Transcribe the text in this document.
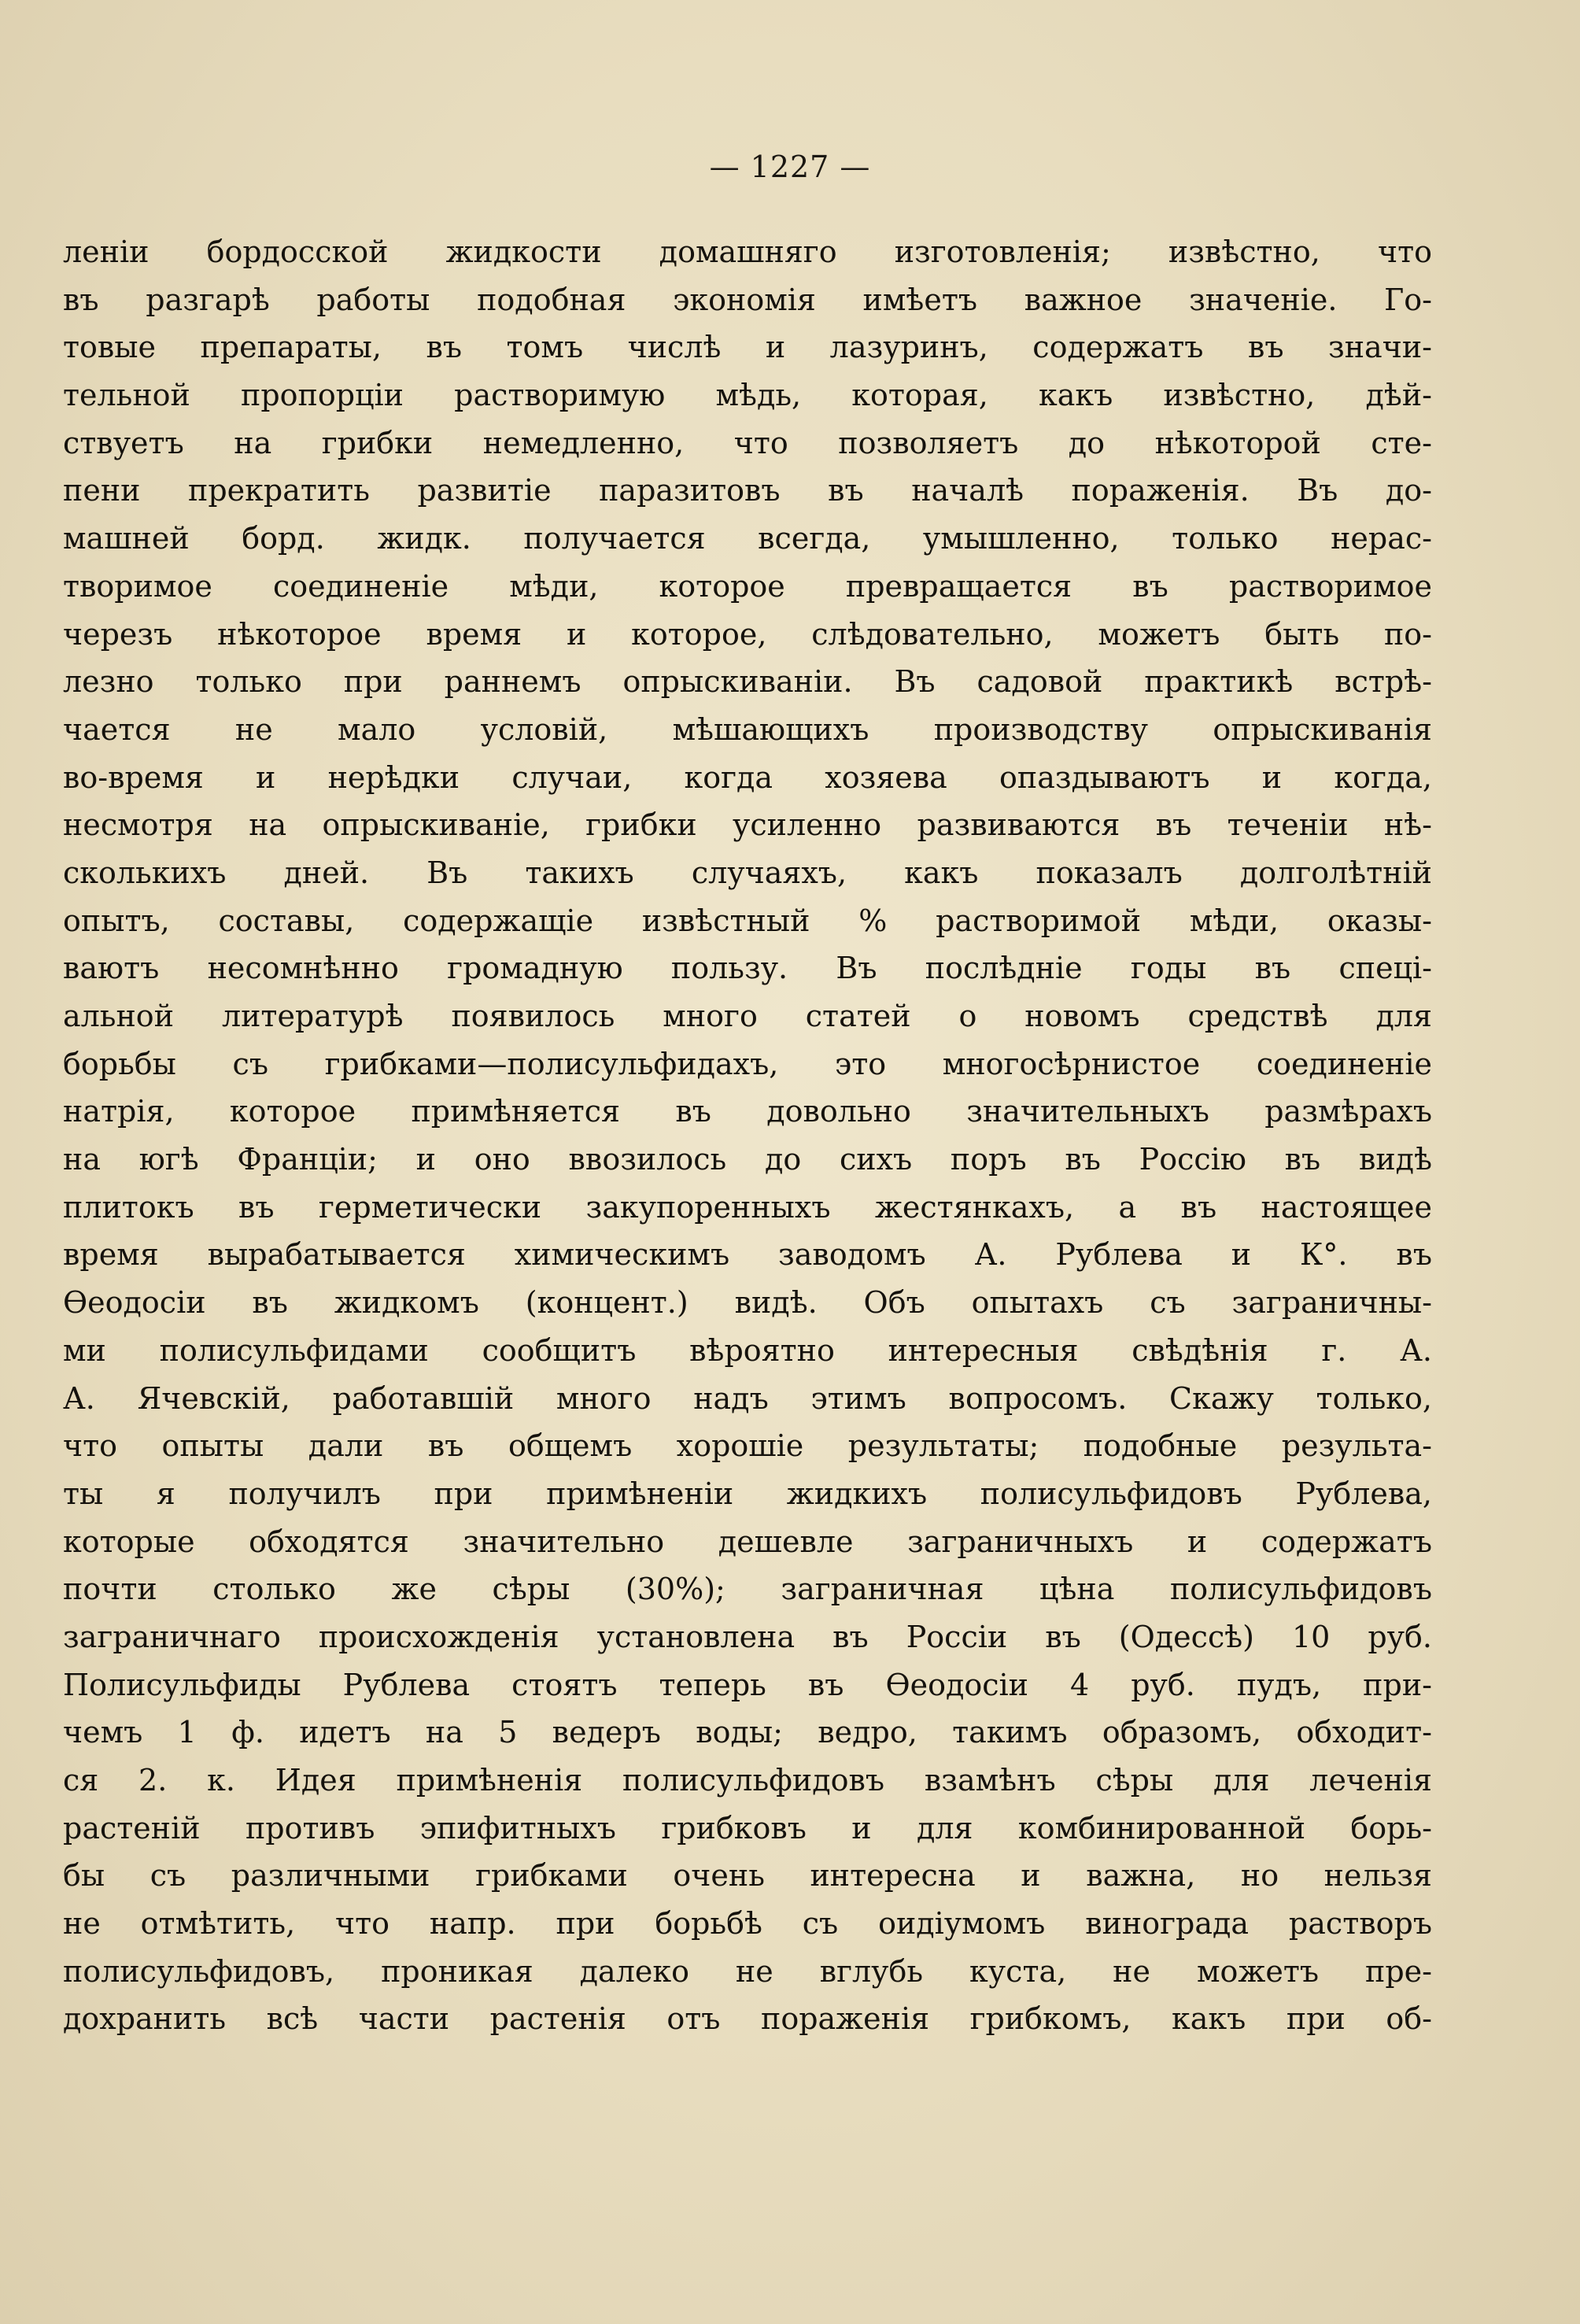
— 1227 —
леніи бордосской жидкости домашняго изготовленія; извѣстно, что
въ разгарѣ работы подобная экономія имѣетъ важное значеніе. Го-
товые препараты, въ томъ числѣ и лазуринъ, содержатъ въ значи-
тельной пропорціи растворимую мѣдь, которая, какъ извѣстно, дѣй-
ствуетъ на грибки немедленно, что позволяетъ до нѣкоторой сте-
пени прекратить развитіе паразитовъ въ началѣ пораженія. Въ до-
машней борд. жидк. получается всегда, умышленно, только нерас-
творимое соединеніе мѣди, которое превращается въ растворимое
черезъ нѣкоторое время и которое, слѣдовательно, можетъ быть по-
лезно только при раннемъ опрыскиваніи. Въ садовой практикѣ встрѣ-
чается не мало условій, мѣшающихъ производству опрыскиванія
во-время и нерѣдки случаи, когда хозяева опаздываютъ и когда,
несмотря на опрыскиваніе, грибки усиленно развиваются въ теченіи нѣ-
сколькихъ дней. Въ такихъ случаяхъ, какъ показалъ долголѣтній
опытъ, составы, содержащіе извѣстный % растворимой мѣди, оказы-
ваютъ несомнѣнно громадную пользу. Въ послѣдніе годы въ спеці-
альной литературѣ появилось много статей о новомъ средствѣ для
борьбы съ грибками—полисульфидахъ, это многосѣрнистое соединеніе
натрія, которое примѣняется въ довольно значительныхъ размѣрахъ
на югѣ Франціи; и оно ввозилось до сихъ поръ въ Россію въ видѣ
плитокъ въ герметически закупоренныхъ жестянкахъ, а въ настоящее
время вырабатывается химическимъ заводомъ А. Рублева и К°. въ
Ѳеодосіи въ жидкомъ (концент.) видѣ. Объ опытахъ съ заграничны-
ми полисульфидами сообщитъ вѣроятно интересныя свѣдѣнія г. А.
А. Ячевскій, работавшій много надъ этимъ вопросомъ. Скажу только,
что опыты дали въ общемъ хорошіе результаты; подобные результа-
ты я получилъ при примѣненіи жидкихъ полисульфидовъ Рублева,
которые обходятся значительно дешевле заграничныхъ и содержатъ
почти столько же сѣры (30%); заграничная цѣна полисульфидовъ
заграничнаго происхожденія установлена въ Россіи въ (Одессѣ) 10 руб.
Полисульфиды Рублева стоятъ теперь въ Ѳеодосіи 4 руб. пудъ, при-
чемъ 1 ф. идетъ на 5 ведеръ воды; ведро, такимъ образомъ, обходит-
ся 2. к. Идея примѣненія полисульфидовъ взамѣнъ сѣры для леченія
растеній противъ эпифитныхъ грибковъ и для комбинированной борь-
бы съ различными грибками очень интересна и важна, но нельзя
не отмѣтить, что напр. при борьбѣ съ оидіумомъ винограда растворъ
полисульфидовъ, проникая далеко не вглубь куста, не можетъ пре-
дохранить всѣ части растенія отъ пораженія грибкомъ, какъ при об-
